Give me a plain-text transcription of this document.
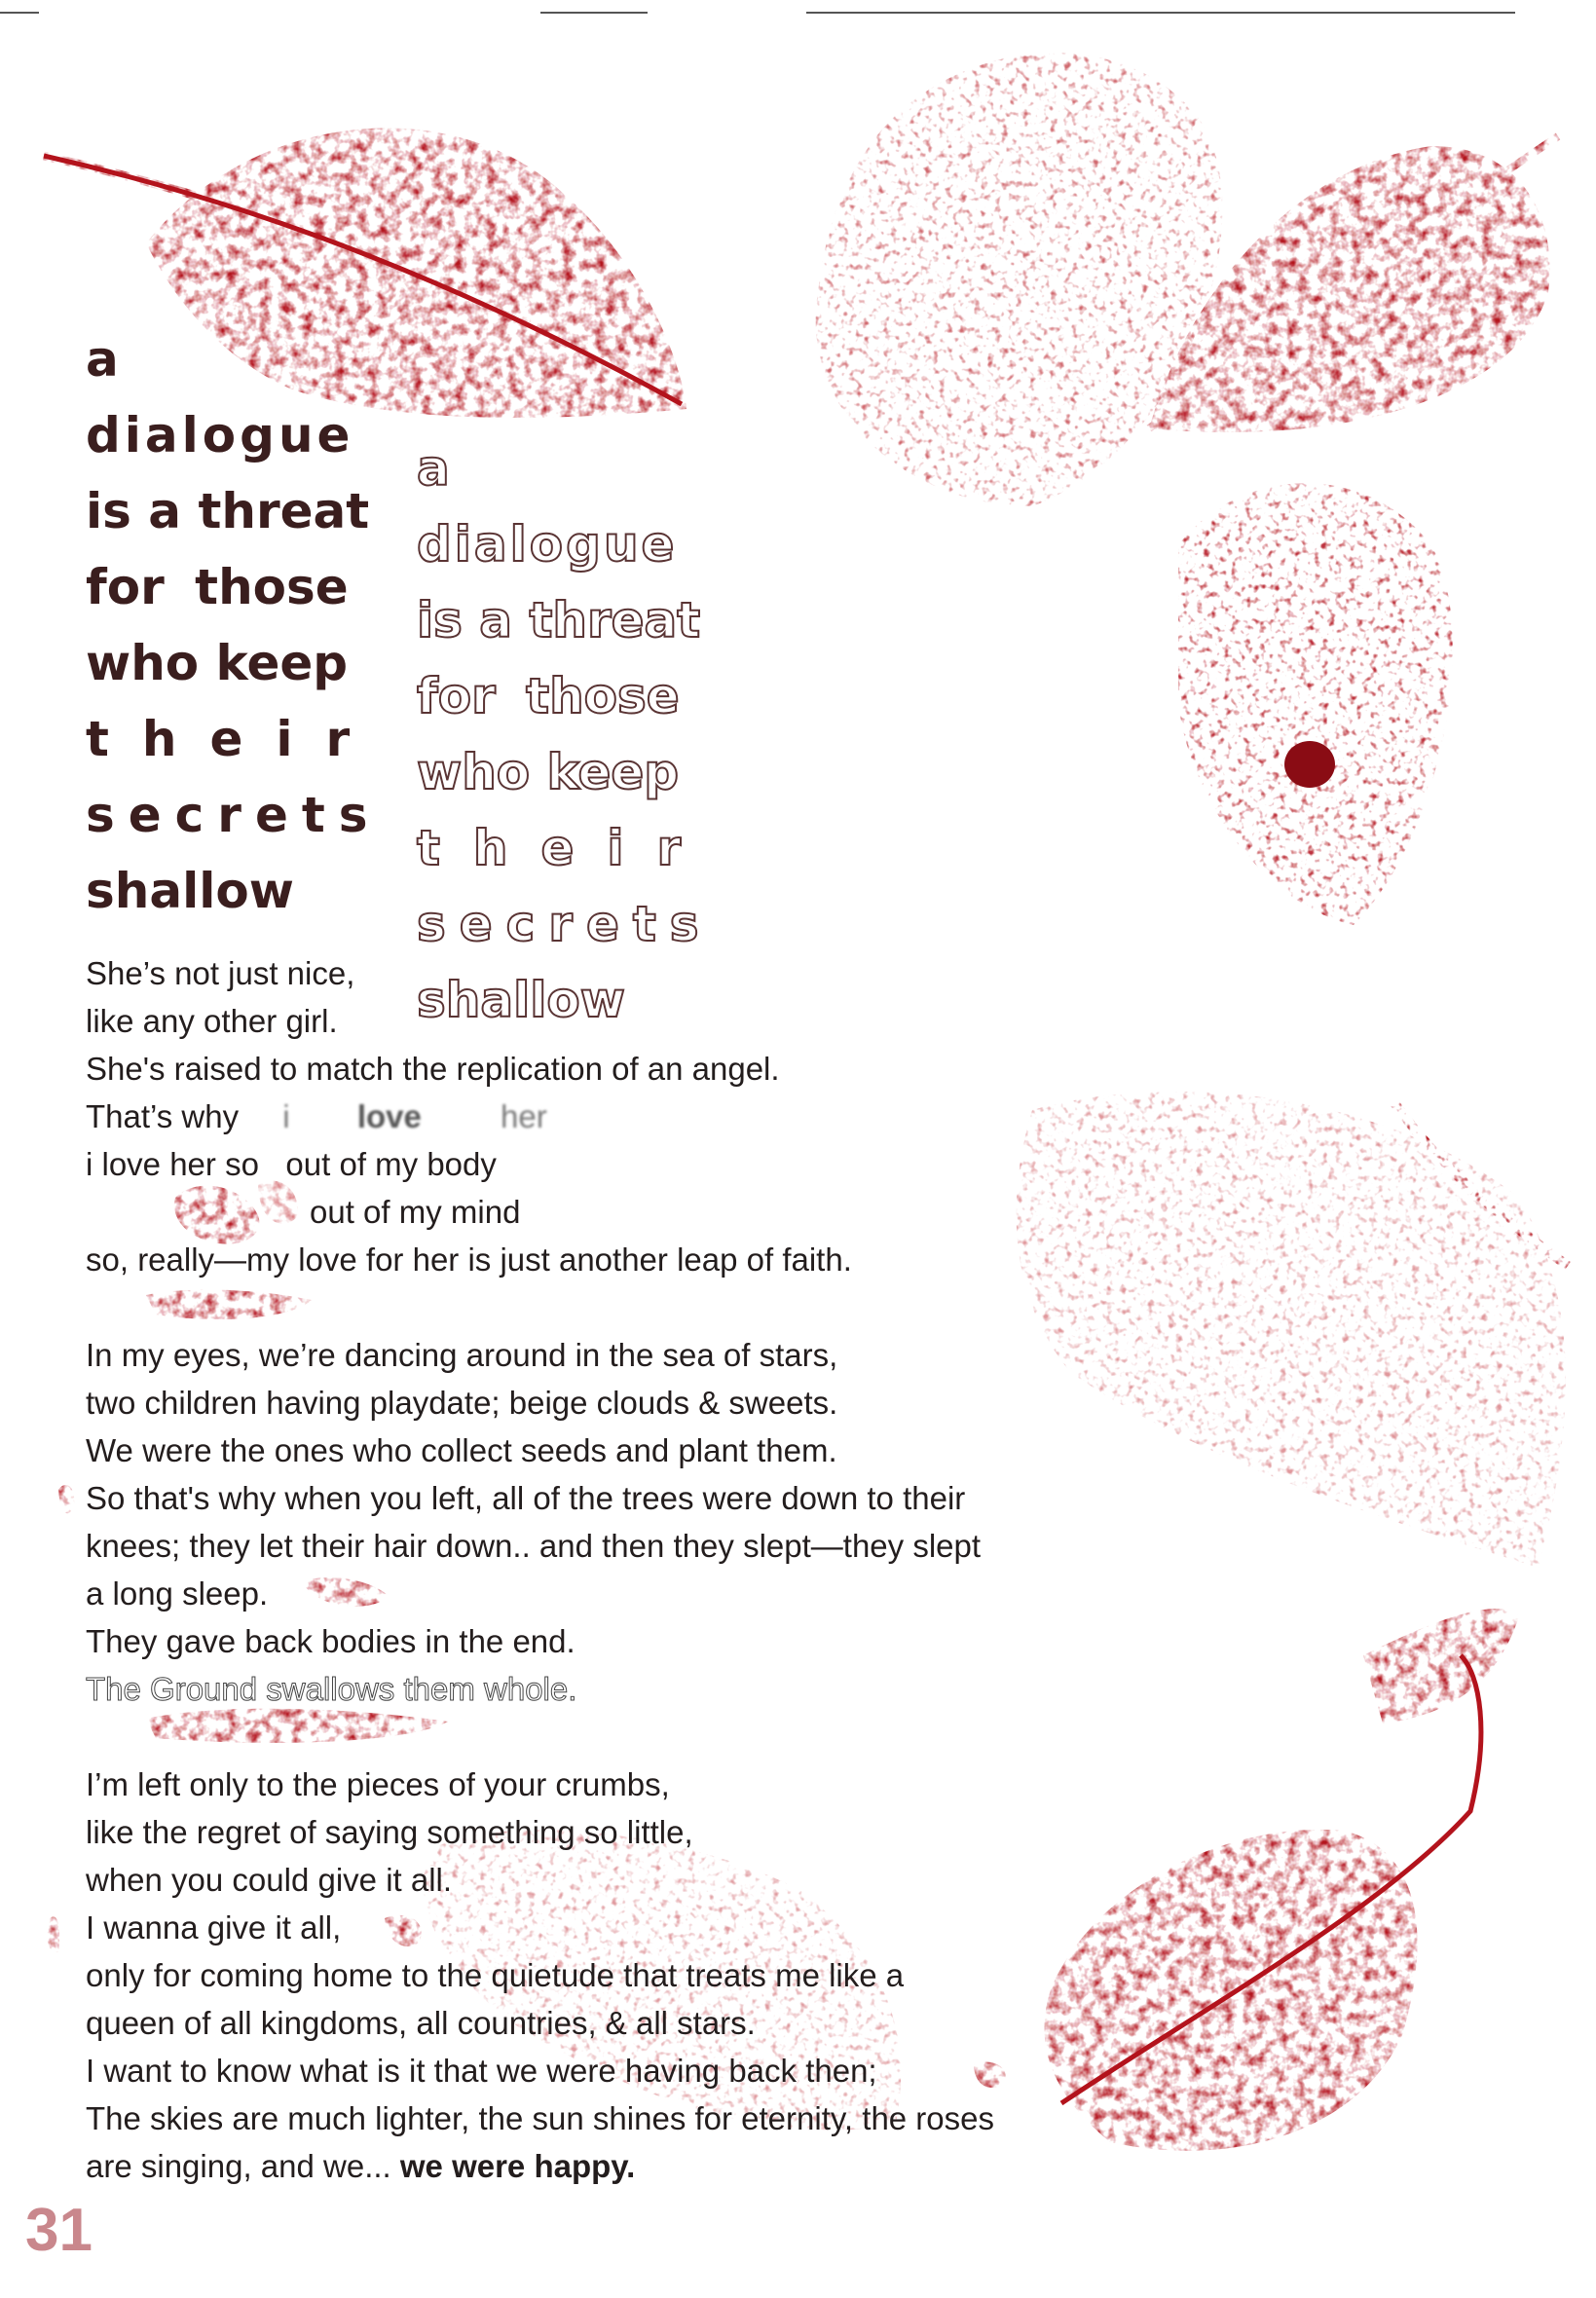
a
dialogue
is a threat
for those
who keep
their
secrets
shallow
a
dialogue
is a threat
for those
who keep
their
secrets
shallow
She’s not just nice,
like any other girl.
She's raised to match the replication of an angel.
That’s why i love her
i love her so   out of my body
out of my mind
so, really—my love for her is just another leap of faith.
In my eyes, we’re dancing around in the sea of stars,
two children having playdate; beige clouds & sweets.
We were the ones who collect seeds and plant them.
So that's why when you left, all of the trees were down to their
knees; they let their hair down.. and then they slept—they slept
a long sleep.
They gave back bodies in the end.
The Ground swallows them whole.
I’m left only to the pieces of your crumbs,
like the regret of saying something so little,
when you could give it all.
I wanna give it all,
only for coming home to the quietude that treats me like a
queen of all kingdoms, all countries, & all stars.
I want to know what is it that we were having back then;
The skies are much lighter, the sun shines for eternity, the roses
are singing, and we... we were happy.
31
